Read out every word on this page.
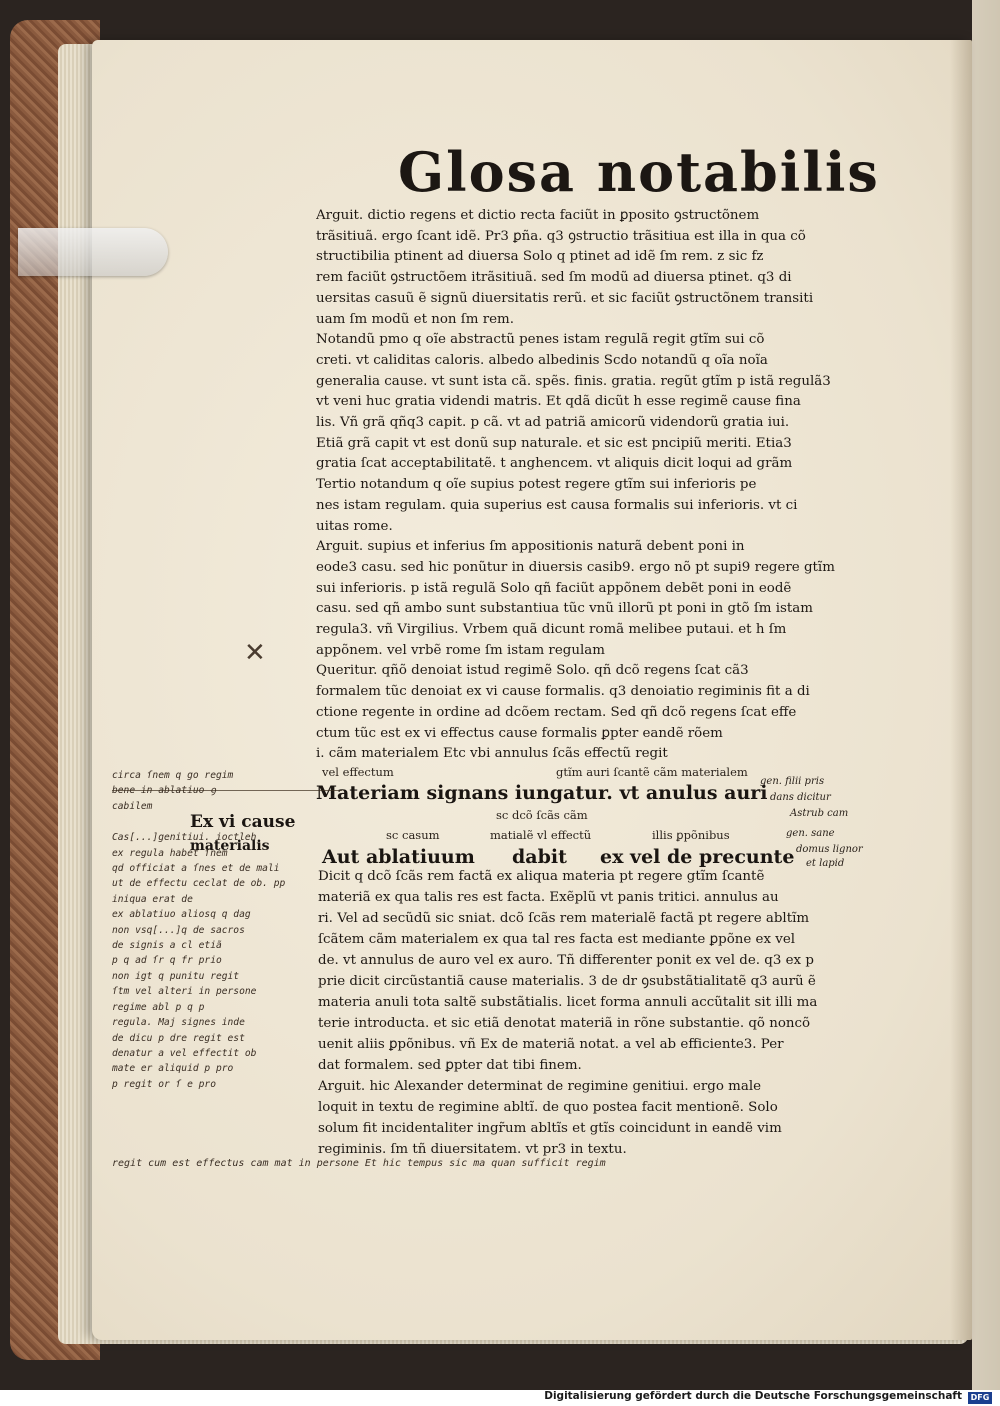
Glosa notabilis
Arguit. dictio regens et dictio recta faciũt in ꝑposito ꝯstructõnem
trãsitiuã. ergo ſcant idẽ. Pr3 ꝑña. q3 ꝯstructio trãsitiua est illa in qua cõ
structibilia ptinent ad diuersa Solo q ptinet ad idẽ ſm rem. z sic fz
rem faciũt ꝯstructõem itrãsitiuã. sed ſm modũ ad diuersa ptinet. q3 di
uersitas casuũ ẽ signũ diuersitatis rerũ. et sic faciũt ꝯstructõnem transiti
uam ſm modũ et non ſm rem.
Notandũ pmo q oĩe abstractũ penes istam regulã regit gtĩm sui cõ
creti. vt caliditas caloris. albedo albedinis Scdo notandũ q oĩa noĩa
generalia cause. vt sunt ista cã. spẽs. finis. gratia. regũt gtĩm p istã regulã3
vt veni huc gratia videndi matris. Et qdã dicũt h esse regimẽ cause fina
lis. Vñ grã qñq3 capit. p cã. vt ad patriã amicorũ videndorũ gratia iui.
Etiã grã capit vt est donũ sup naturale. et sic est pncipiũ meriti. Etia3
gratia ſcat acceptabilitatẽ. t anghencem. vt aliquis dicit loqui ad grãm
Tertio notandum q oĩe supius potest regere gtĩm sui inferioris pe
nes istam regulam. quia superius est causa formalis sui inferioris. vt ci
uitas rome.
Arguit. supius et inferius ſm appositionis naturã debent poni in
eode3 casu. sed hic ponũtur in diuersis casib9. ergo nõ pt supi9 regere gtĩm
sui inferioris. p istã regulã Solo qñ faciũt appõnem debẽt poni in eodẽ
casu. sed qñ ambo sunt substantiua tũc vnũ illorũ pt poni in gtõ ſm istam
regula3. vñ Virgilius. Vrbem quã dicunt romã melibee putaui. et h ſm
appõnem. vel vrbẽ rome ſm istam regulam
Queritur. qñõ denoiat istud regimẽ Solo. qñ dcõ regens ſcat cã3
formalem tũc denoiat ex vi cause formalis. q3 denoiatio regiminis fit a di
ctione regente in ordine ad dcõem rectam. Sed qñ dcõ regens ſcat effe
ctum tũc est ex vi effectus cause formalis ꝑpter eandẽ rõem
i. cãm materialem Etc vbi annulus ſcãs effectũ regit
vel effectum	gtĩm auri ſcantẽ cãm materialem
Materiam signans iungatur. vt anulus auri
sc dcõ ſcãs cãm
sc casum	matialẽ vl effectũ	illis ꝑpõnibus
Aut ablatiuum	dabit ex vel de precunte
Ex vi cause
materialis
Dicit q dcõ ſcãs rem factã ex aliqua materia pt regere gtĩm ſcantẽ
materiã ex qua talis res est facta. Exẽplũ vt panis tritici. annulus au
ri. Vel ad secũdũ sic sniat. dcõ ſcãs rem materialẽ factã pt regere abltĩm
ſcãtem cãm materialem ex qua tal res facta est mediante ꝑpõne ex vel
de. vt annulus de auro vel ex auro. Tñ differenter ponit ex vel de. q3 ex p
prie dicit circũstantiã cause materialis. 3 de dr ꝯsubstãtialitatẽ q3 aurũ ẽ
materia anuli tota saltẽ substãtialis. licet forma annuli accũtalit sit illi ma
terie introducta. et sic etiã denotat materiã in rõne substantie. qõ noncõ
uenit aliis ꝑpõnibus. vñ Ex de materiã notat. a vel ab efficiente3. Per
dat formalem. sed ꝑpter dat tibi finem.
Arguit. hic Alexander determinat de regimine genitiui. ergo male
loquit in textu de regimine abltĩ. de quo postea facit mentionẽ. Solo
solum fit incidentaliter ingr̃um abltĩs et gtĩs coincidunt in eandẽ vim
regiminis. ſm tñ diuersitatem. vt pr3 in textu.
circa ſnem q go regim
bene in ablatiuo ꝯ
cabilem
Cas[...]genitiui. ioctleh
ex regula habet ſnem
qd officiat a ſnes et de mali
ut de effectu ceclat de ob. pp
iniqua erat de
ex ablatiuo aliosq q dag
non vsq[...]q de sacros
de signis a cl etiã
p q ad ſr q fr prio
non igt q punitu regit
ſtm vel alteri in persone
regime abl p q p
regula. Maj signes inde
de dicu p dre regit est
denatur a vel effectit ob
mate er aliquid p pro
p regit or ſ e pro
gen. filii pris
dans dicitur
Astrub cam
gen. sane
domus lignor
et lapid
✕
regit cum est effectus cam mat in persone Et hic tempus sic ma quan sufficit regim
Digitalisierung gefördert durch die Deutsche Forschungsgemeinschaft	DFG
